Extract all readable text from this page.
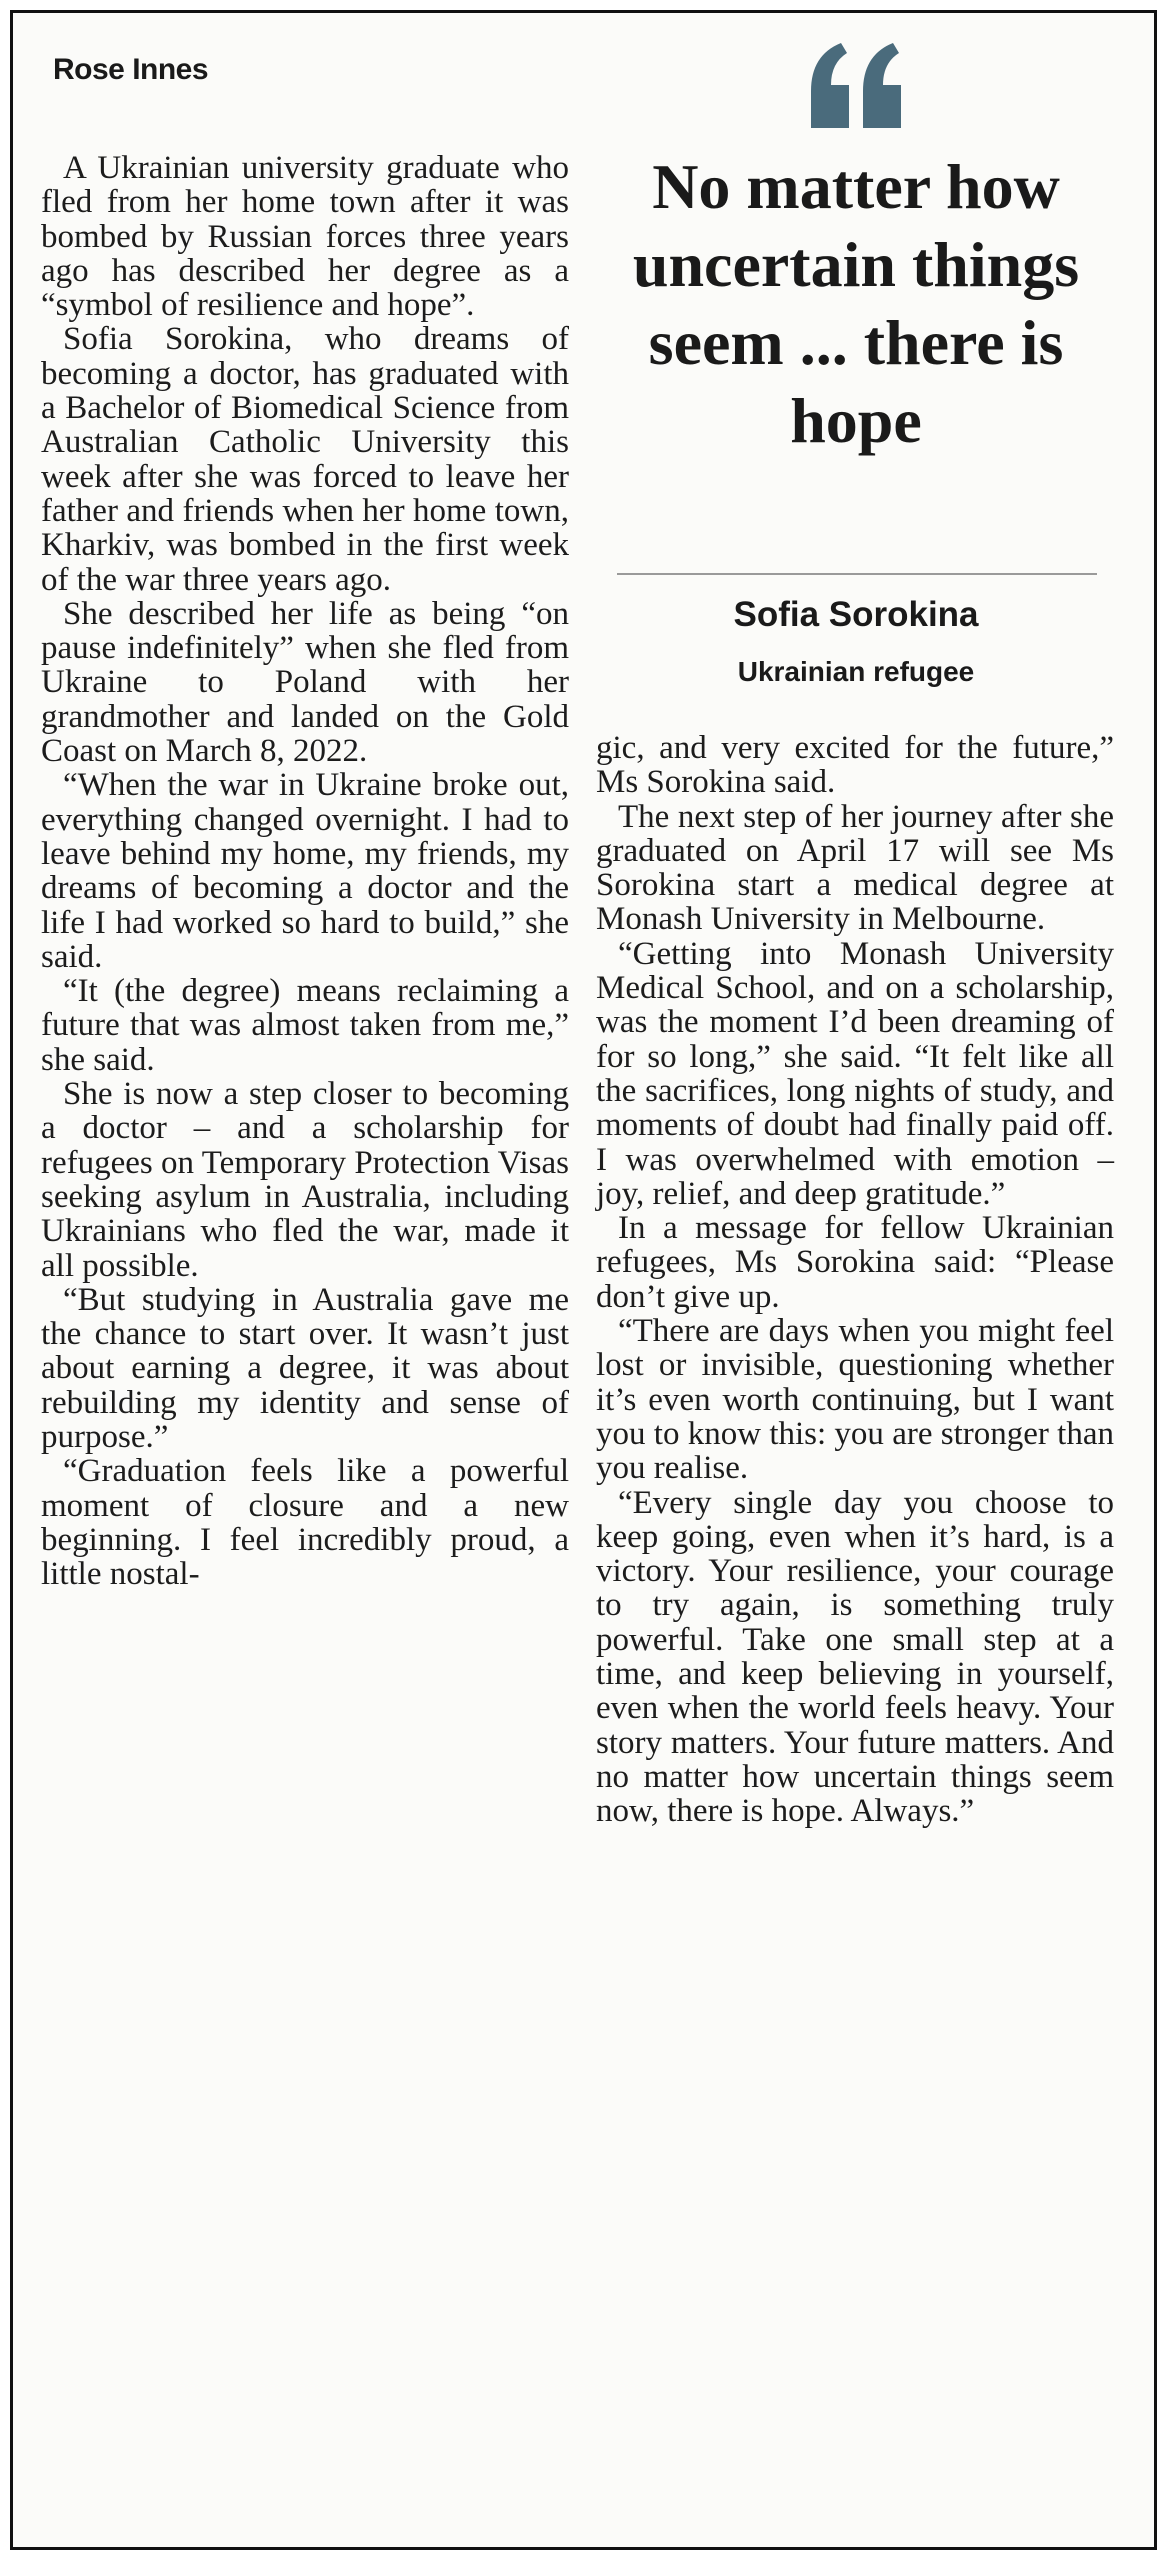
Rose Innes

A Ukrainian university graduate who fled from her home town after it was bombed by Russian forces three years ago has described her degree as a “symbol of resilience and hope”.

Sofia Sorokina, who dreams of becoming a doctor, has graduated with a Bachelor of Biomedical Science from Australian Catholic University this week after she was forced to leave her father and friends when her home town, Kharkiv, was bombed in the first week of the war three years ago.

She described her life as being “on pause indefinitely” when she fled from Ukraine to Poland with her grandmother and landed on the Gold Coast on March 8, 2022.

“When the war in Ukraine broke out, everything changed overnight. I had to leave behind my home, my friends, my dreams of becoming a doctor and the life I had worked so hard to build,” she said.

“It (the degree) means reclaiming a future that was almost taken from me,” she said.

She is now a step closer to becoming a doctor – and a scholarship for refugees on Temporary Protection Visas seeking asylum in Australia, including Ukrainians who fled the war, made it all possible.

“But studying in Australia gave me the chance to start over. It wasn’t just about earning a degree, it was about rebuilding my identity and sense of purpose.”

“Graduation feels like a powerful moment of closure and a new beginning. I feel incredibly proud, a little nostal-

No matter how uncertain things seem ... there is hope
Sofia Sorokina
Ukrainian refugee

gic, and very excited for the future,” Ms Sorokina said.

The next step of her journey after she graduated on April 17 will see Ms Sorokina start a medical degree at Monash University in Melbourne.

“Getting into Monash University Medical School, and on a scholarship, was the moment I’d been dreaming of for so long,” she said. “It felt like all the sacrifices, long nights of study, and moments of doubt had finally paid off. I was overwhelmed with emotion – joy, relief, and deep gratitude.”

In a message for fellow Ukrainian refugees, Ms Sorokina said: “Please don’t give up.

“There are days when you might feel lost or invisible, questioning whether it’s even worth continuing, but I want you to know this: you are stronger than you realise.

“Every single day you choose to keep going, even when it’s hard, is a victory. Your resilience, your courage to try again, is something truly powerful. Take one small step at a time, and keep believing in yourself, even when the world feels heavy. Your story matters. Your future matters. And no matter how uncertain things seem now, there is hope. Always.”
